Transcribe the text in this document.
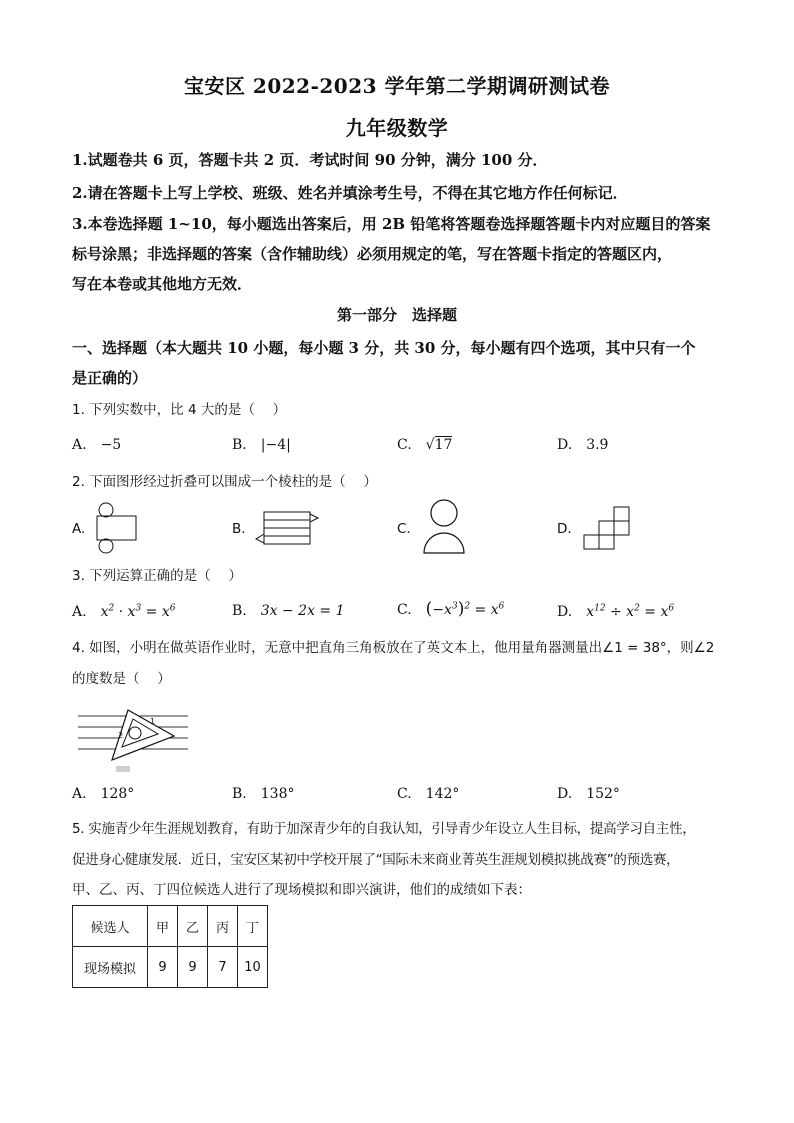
宝安区 2022-2023 学年第二学期调研测试卷
九年级数学
1.试题卷共 6 页，答题卡共 2 页．考试时间 90 分钟，满分 100 分．
2.请在答题卡上写上学校、班级、姓名并填涂考生号，不得在其它地方作任何标记．
3.本卷选择题 1~10，每小题选出答案后，用 2B 铅笔将答题卷选择题答题卡内对应题目的答案
标号涂黑；非选择题的答案（含作辅助线）必须用规定的笔，写在答题卡指定的答题区内，
写在本卷或其他地方无效．
第一部分　选择题
一、选择题（本大题共 10 小题，每小题 3 分，共 30 分，每小题有四个选项，其中只有一个
是正确的）
1. 下列实数中，比 4 大的是（　 ）
A. −5	B. |−4|	C. √17	D. 3.9̇
2. 下面图形经过折叠可以围成一个棱柱的是（　 ）
A.	B.	C.	D.
3. 下列运算正确的是（　 ）
A. $x^2 \cdot x^3 = x^6$	B. 3x − 2x = 1	C. $(-x^3)^2 = x^6$	D. $x^{12} \div x^2 = x^6$
4. 如图，小明在做英语作业时，无意中把直角三角板放在了英文本上，他用量角器测量出∠1 = 38°，则∠2
的度数是（　 ）
1
2
A. 128°	B. 138°	C. 142°	D. 152°
5. 实施青少年生涯规划教育，有助于加深青少年的自我认知，引导青少年设立人生目标，提高学习自主性，
促进身心健康发展．近日，宝安区某初中学校开展了“国际未来商业菁英生涯规划模拟挑战赛”的预选赛，
甲、乙、丙、丁四位候选人进行了现场模拟和即兴演讲，他们的成绩如下表：
候选人	甲	乙	丙	丁
现场模拟	9	9	7	10
